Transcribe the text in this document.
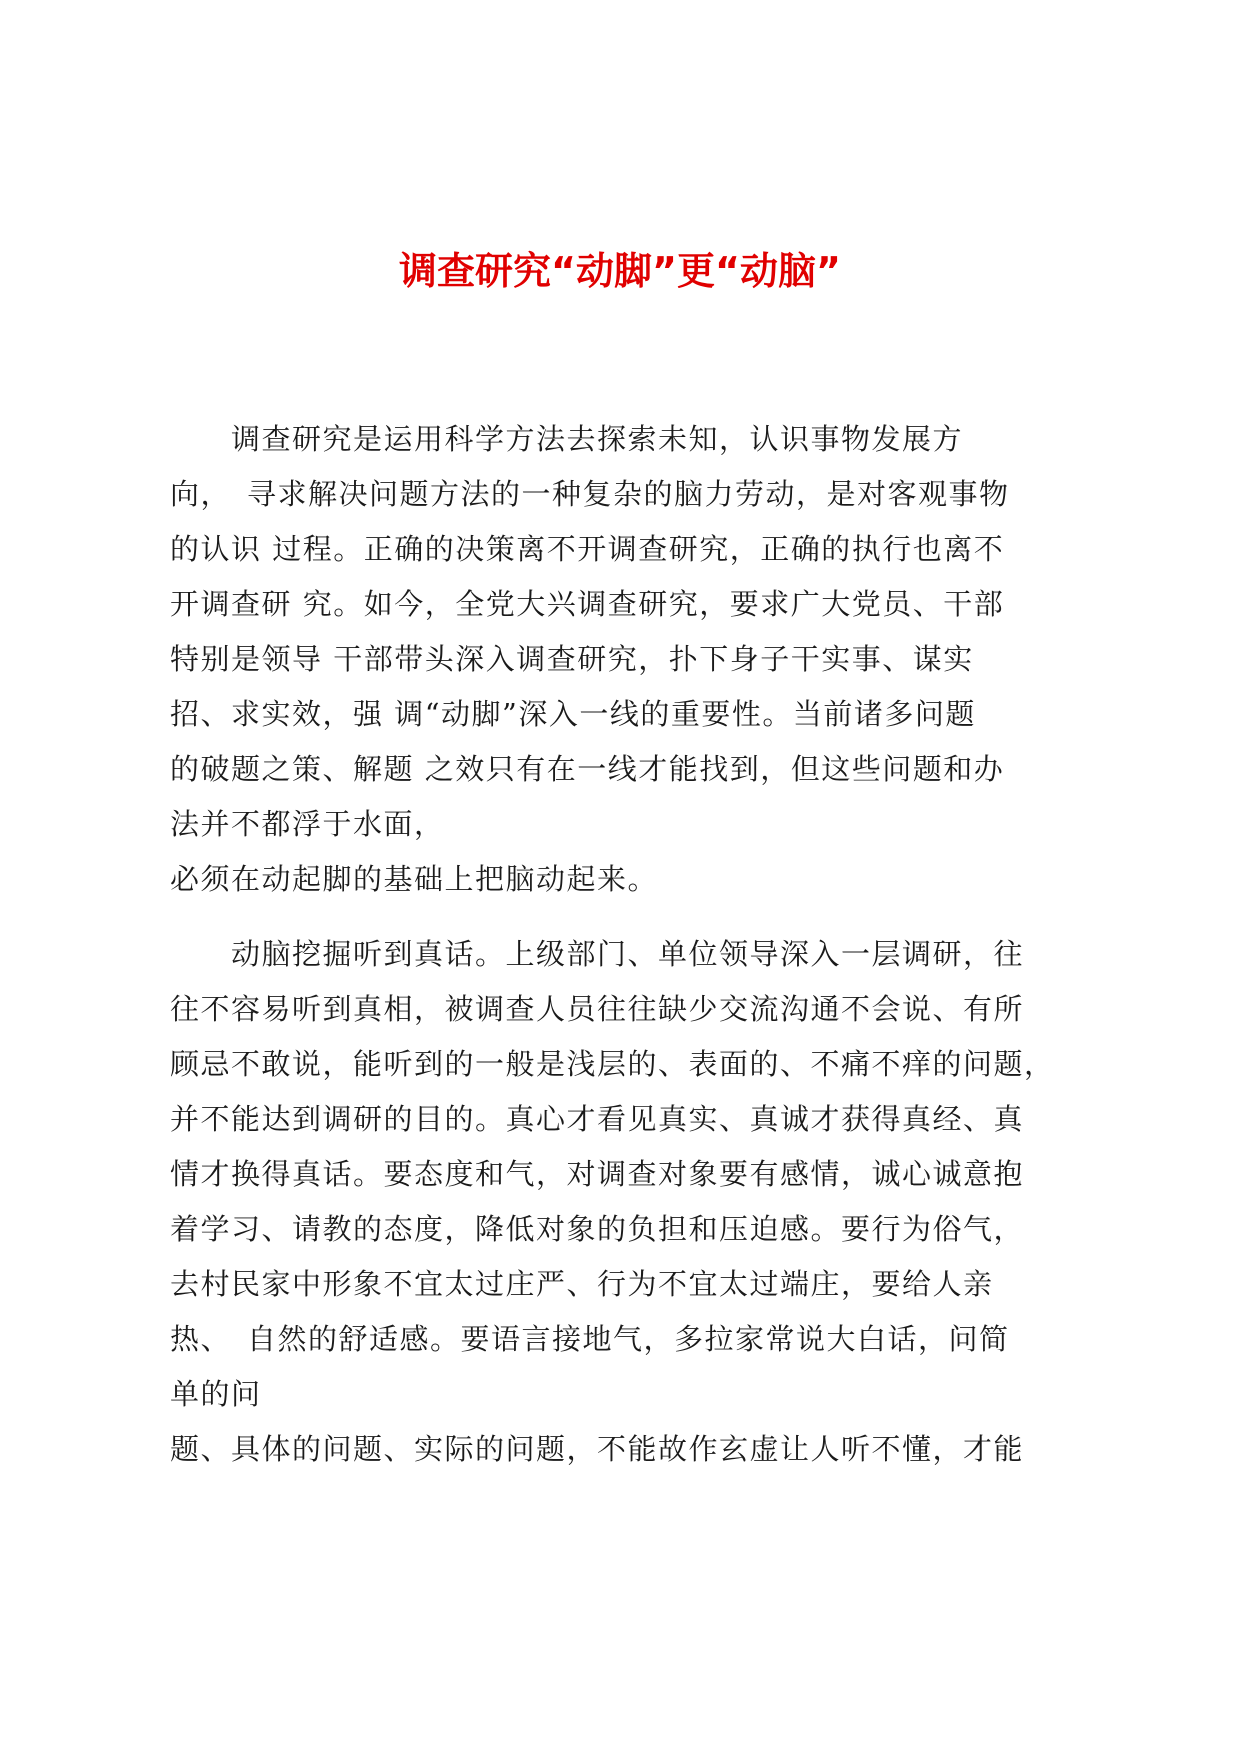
调查研究“动脚”更“动脑”

　　调查研究是运用科学方法去探索未知，认识事物发展方

向，　寻求解决问题方法的一种复杂的脑力劳动，是对客观事物

的认识 过程。正确的决策离不开调查研究，正确的执行也离不

开调查研 究。如今，全党大兴调查研究，要求广大党员、干部

特别是领导 干部带头深入调查研究，扑下身子干实事、谋实

招、求实效，强 调“动脚”深入一线的重要性。当前诸多问题

的破题之策、解题 之效只有在一线才能找到，但这些问题和办

法并不都浮于水面，

必须在动起脚的基础上把脑动起来。

　　动脑挖掘听到真话。上级部门、单位领导深入一层调研，往

往不容易听到真相，被调查人员往往缺少交流沟通不会说、有所

顾忌不敢说，能听到的一般是浅层的、表面的、不痛不痒的问题，

并不能达到调研的目的。真心才看见真实、真诚才获得真经、真

情才换得真话。要态度和气，对调查对象要有感情，诚心诚意抱

着学习、请教的态度，降低对象的负担和压迫感。要行为俗气，

去村民家中形象不宜太过庄严、行为不宜太过端庄，要给人亲

热、　自然的舒适感。要语言接地气，多拉家常说大白话，问简

单的问

题、具体的问题、实际的问题，不能故作玄虚让人听不懂，才能
